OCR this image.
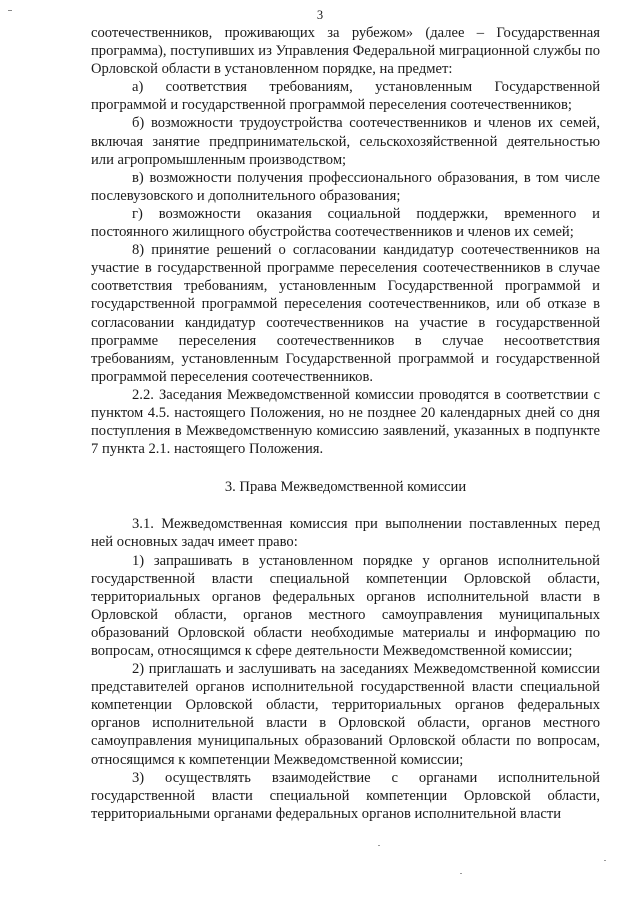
3

соотечественников, проживающих за рубежом» (далее – Государственная программа), поступивших из Управления Федеральной миграционной службы по Орловской области в установленном порядке, на предмет:

а) соответствия требованиям, установленным Государственной программой и государственной программой переселения соотечественников;

б) возможности трудоустройства соотечественников и членов их семей, включая занятие предпринимательской, сельскохозяйственной деятельностью или агропромышленным производством;

в) возможности получения профессионального образования, в том числе послевузовского и дополнительного образования;

г) возможности оказания социальной поддержки, временного и постоянного жилищного обустройства соотечественников и членов их семей;

8) принятие решений о согласовании кандидатур соотечественников на участие в государственной программе переселения соотечественников в случае соответствия требованиям, установленным Государственной программой и государственной программой переселения соотечественников, или об отказе в согласовании кандидатур соотечественников на участие в государственной программе переселения соотечественников в случае несоответствия требованиям, установленным Государственной программой и государственной программой переселения соотечественников.

2.2. Заседания Межведомственной комиссии проводятся в соответствии с пунктом 4.5. настоящего Положения, но не позднее 20 календарных дней со дня поступления в Межведомственную комиссию заявлений, указанных в подпункте 7 пункта 2.1. настоящего Положения.

3. Права Межведомственной комиссии

3.1. Межведомственная комиссия при выполнении поставленных перед ней основных задач имеет право:

1) запрашивать в установленном порядке у органов исполнительной государственной власти специальной компетенции Орловской области, территориальных органов федеральных органов исполнительной власти в Орловской области, органов местного самоуправления муниципальных образований Орловской области необходимые материалы и информацию по вопросам, относящимся к сфере деятельности Межведомственной комиссии;

2) приглашать и заслушивать на заседаниях Межведомственной комиссии представителей органов исполнительной государственной власти специальной компетенции Орловской области, территориальных органов федеральных органов исполнительной власти в Орловской области, органов местного самоуправления муниципальных образований Орловской области по вопросам, относящимся к компетенции Межведомственной комиссии;

3) осуществлять взаимодействие с органами исполнительной государственной власти специальной компетенции Орловской области, территориальными органами федеральных органов исполнительной власти
